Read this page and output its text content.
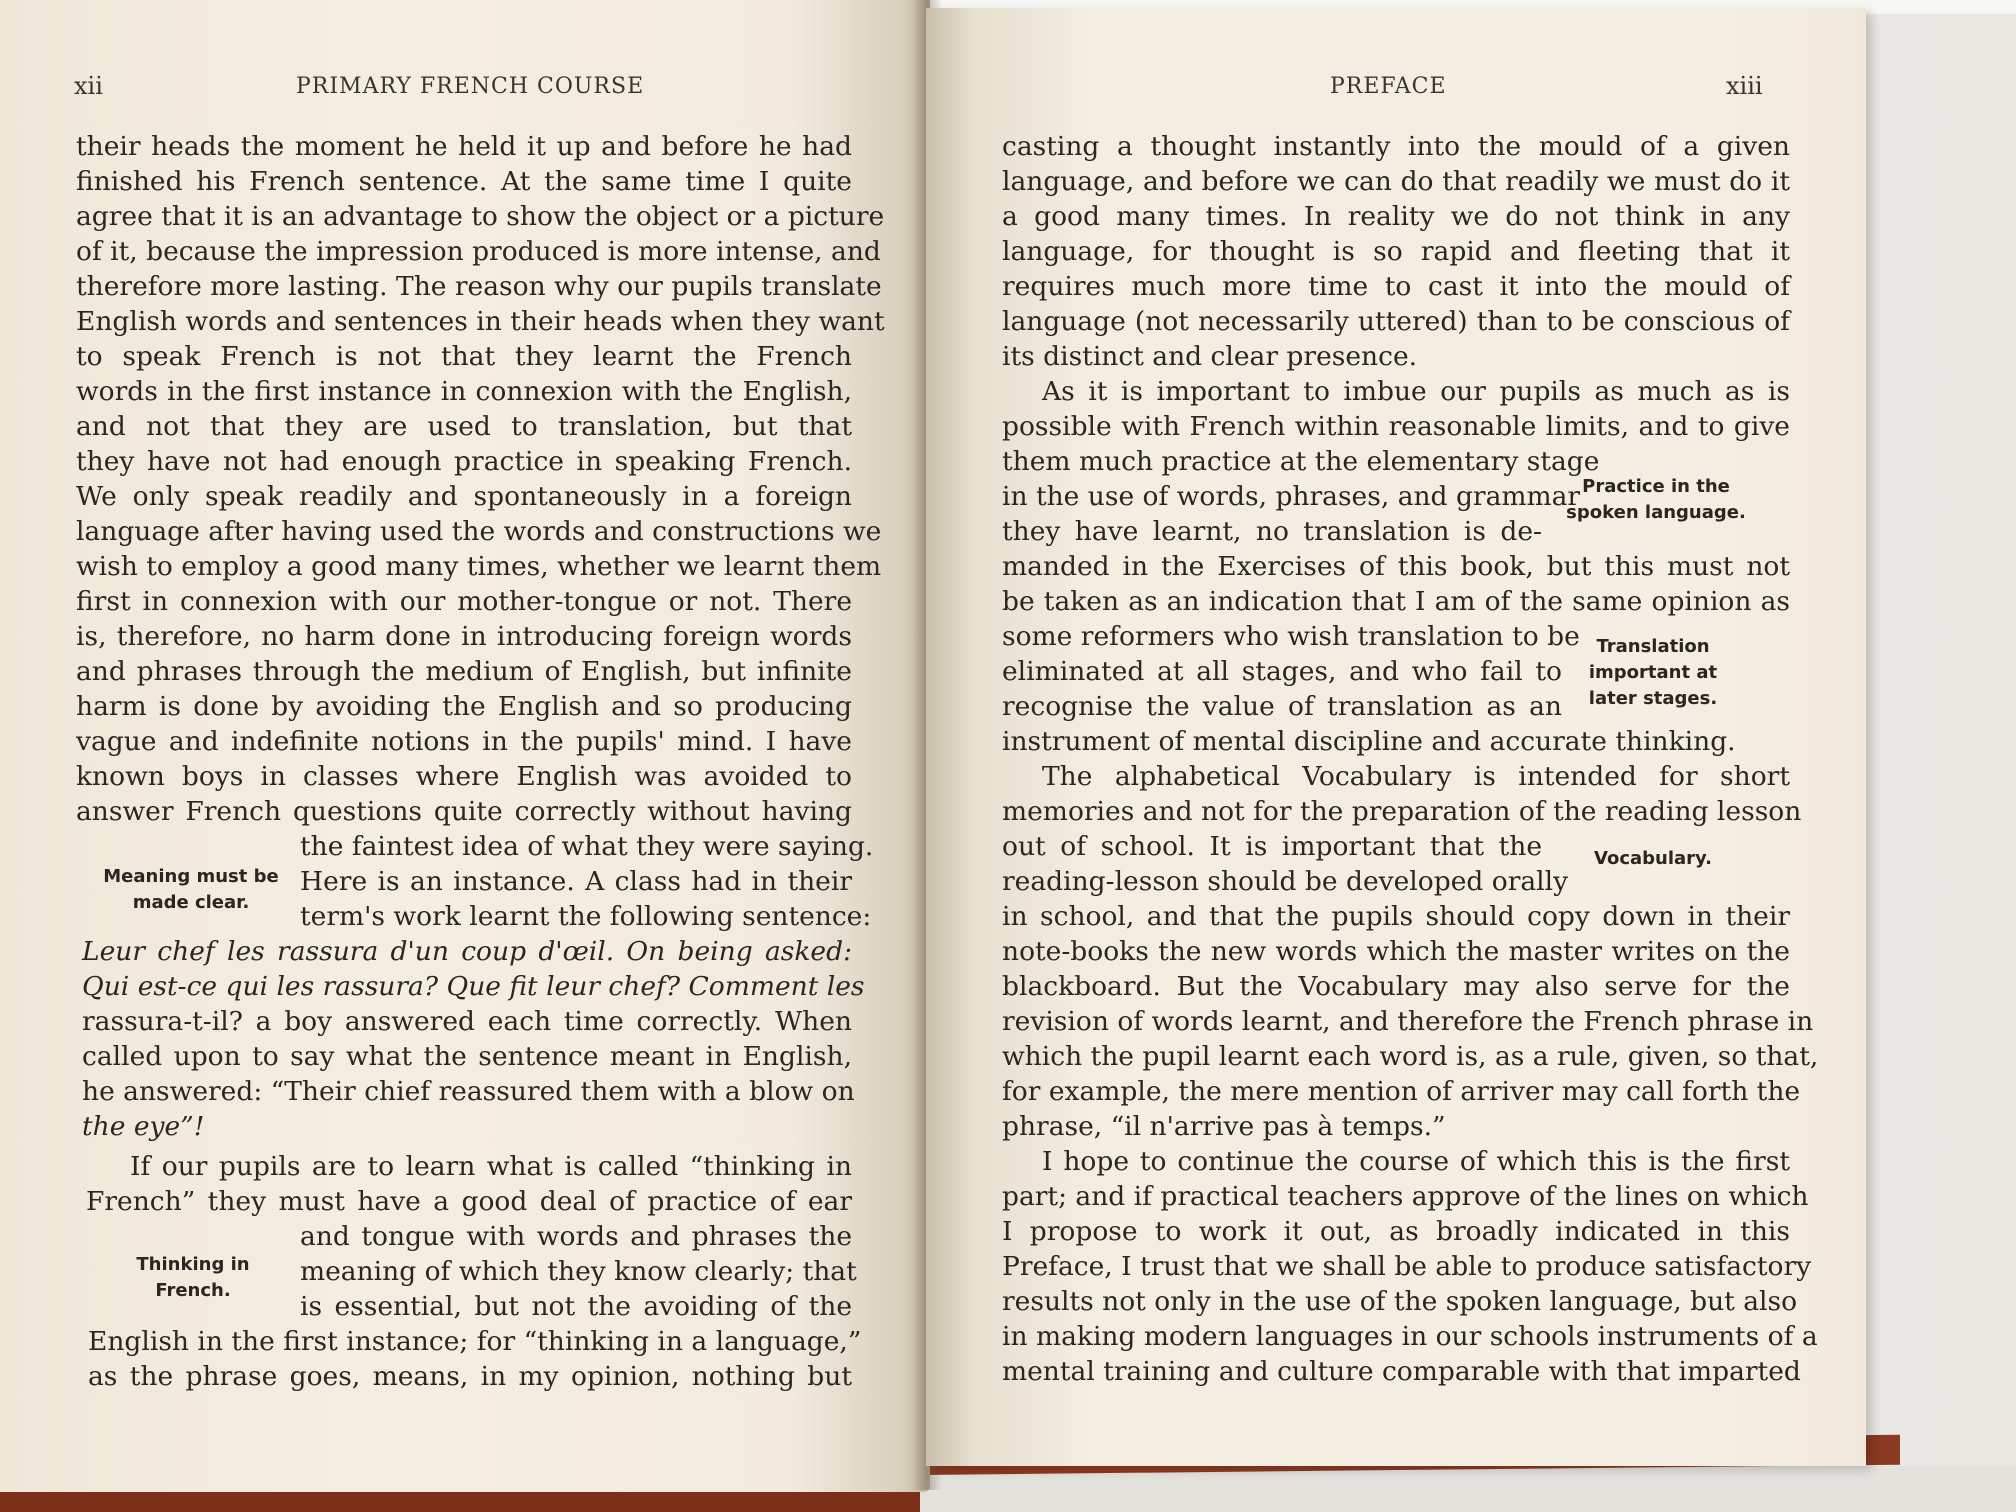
xii	PRIMARY FRENCH COURSE
their heads the moment he held it up and before he had
finished his French sentence. At the same time I quite
agree that it is an advantage to show the object or a picture
of it, because the impression produced is more intense, and
therefore more lasting. The reason why our pupils translate
English words and sentences in their heads when they want
to speak French is not that they learnt the French
words in the first instance in connexion with the English,
and not that they are used to translation, but that
they have not had enough practice in speaking French.
We only speak readily and spontaneously in a foreign
language after having used the words and constructions we
wish to employ a good many times, whether we learnt them
first in connexion with our mother-tongue or not. There
is, therefore, no harm done in introducing foreign words
and phrases through the medium of English, but infinite
harm is done by avoiding the English and so producing
vague and indefinite notions in the pupils' mind. I have
known boys in classes where English was avoided to
answer French questions quite correctly without having
the faintest idea of what they were saying.
Here is an instance. A class had in their
term's work learnt the following sentence:
Leur chef les rassura d'un coup d'œil. On being asked:
Qui est-ce qui les rassura? Que fit leur chef? Comment les
rassura-t-il? a boy answered each time correctly. When
called upon to say what the sentence meant in English,
he answered: “Their chief reassured them with a blow on
the eye”!
If our pupils are to learn what is called “thinking in
French” they must have a good deal of practice of ear
and tongue with words and phrases the
meaning of which they know clearly; that
is essential, but not the avoiding of the
English in the first instance; for “thinking in a language,”
as the phrase goes, means, in my opinion, nothing but
Meaning must be made clear.
Thinking in French.
PREFACE	xiii
casting a thought instantly into the mould of a given
language, and before we can do that readily we must do it
a good many times. In reality we do not think in any
language, for thought is so rapid and fleeting that it
requires much more time to cast it into the mould of
language (not necessarily uttered) than to be conscious of
its distinct and clear presence.
As it is important to imbue our pupils as much as is
possible with French within reasonable limits, and to give
them much practice at the elementary stage
in the use of words, phrases, and grammar
they have learnt, no translation is de-
manded in the Exercises of this book, but this must not
be taken as an indication that I am of the same opinion as
some reformers who wish translation to be
eliminated at all stages, and who fail to
recognise the value of translation as an
instrument of mental discipline and accurate thinking.
The alphabetical Vocabulary is intended for short
memories and not for the preparation of the reading lesson
out of school. It is important that the
reading-lesson should be developed orally
in school, and that the pupils should copy down in their
note-books the new words which the master writes on the
blackboard. But the Vocabulary may also serve for the
revision of words learnt, and therefore the French phrase in
which the pupil learnt each word is, as a rule, given, so that,
for example, the mere mention of arriver may call forth the
phrase, “il n'arrive pas à temps.”
I hope to continue the course of which this is the first
part; and if practical teachers approve of the lines on which
I propose to work it out, as broadly indicated in this
Preface, I trust that we shall be able to produce satisfactory
results not only in the use of the spoken language, but also
in making modern languages in our schools instruments of a
mental training and culture comparable with that imparted
Practice in the spoken language.
Translation important at later stages.
Vocabulary.
